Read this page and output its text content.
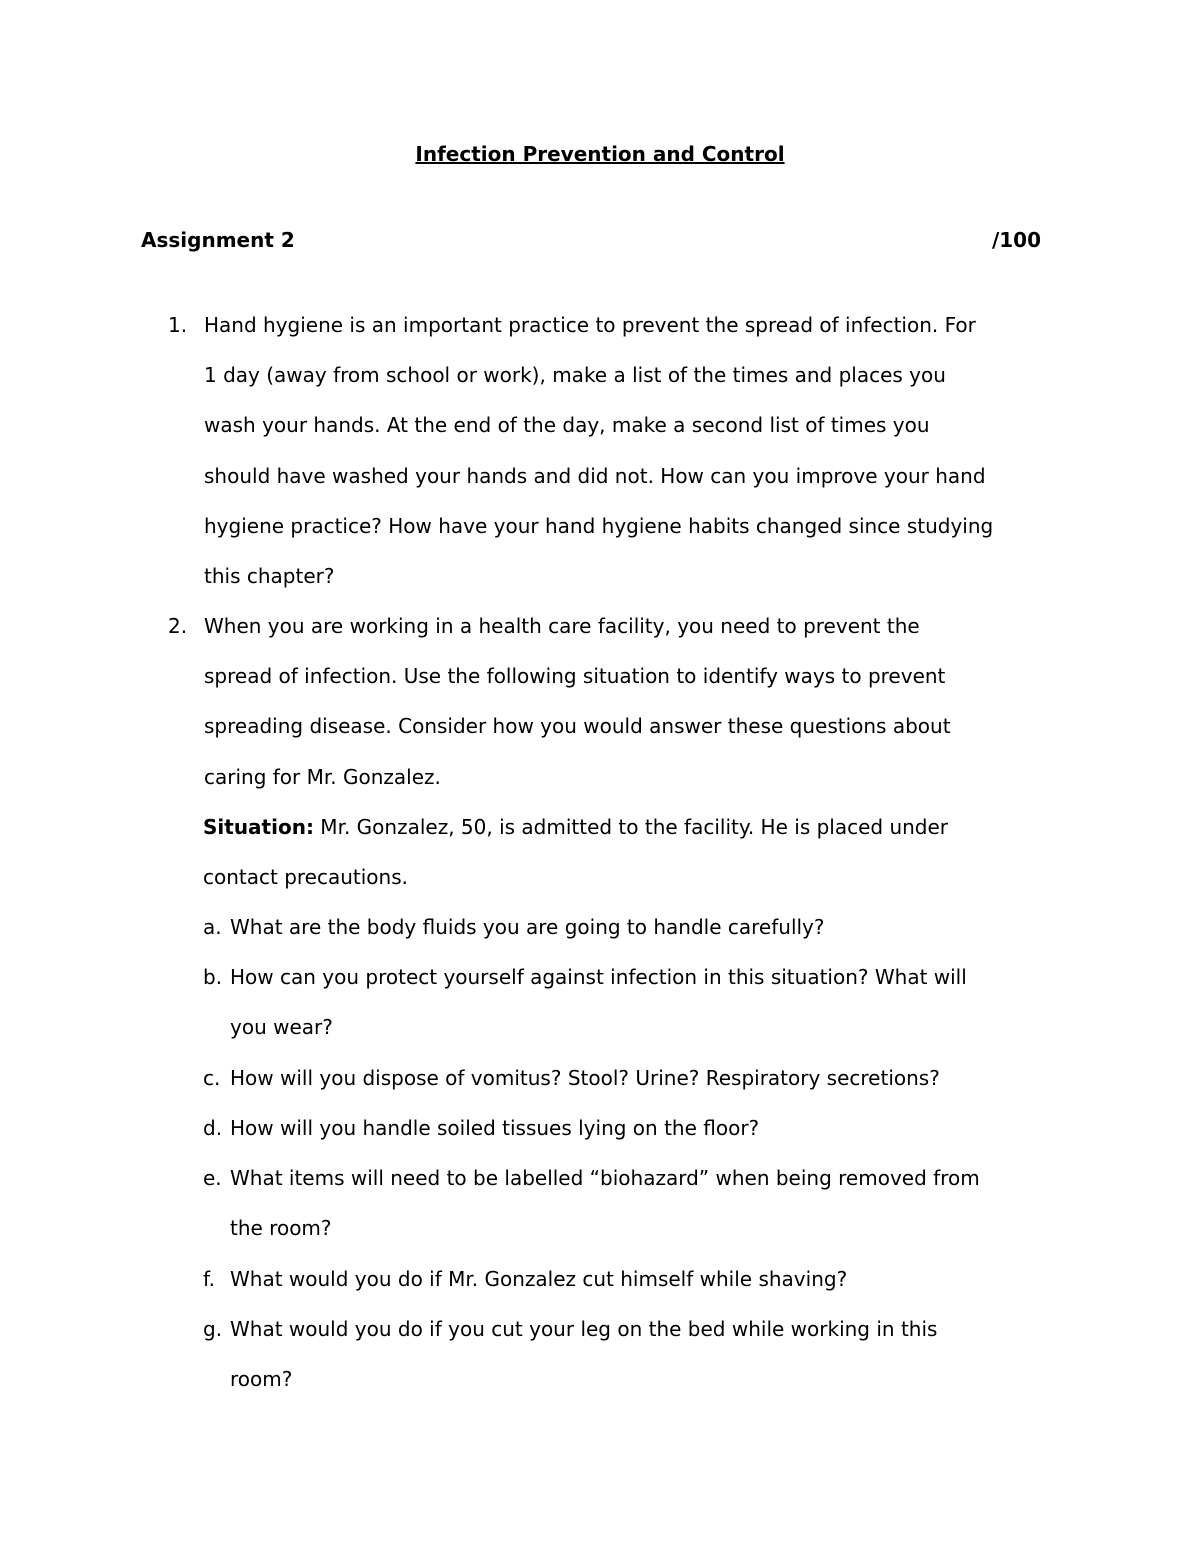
Infection Prevention and Control
Assignment 2	/100
1. Hand hygiene is an important practice to prevent the spread of infection. For
1 day (away from school or work), make a list of the times and places you
wash your hands. At the end of the day, make a second list of times you
should have washed your hands and did not. How can you improve your hand
hygiene practice? How have your hand hygiene habits changed since studying
this chapter?
2. When you are working in a health care facility, you need to prevent the
spread of infection. Use the following situation to identify ways to prevent
spreading disease. Consider how you would answer these questions about
caring for Mr. Gonzalez.
Situation: Mr. Gonzalez, 50, is admitted to the facility. He is placed under
contact precautions.
a. What are the body fluids you are going to handle carefully?
b. How can you protect yourself against infection in this situation? What will
you wear?
c. How will you dispose of vomitus? Stool? Urine? Respiratory secretions?
d. How will you handle soiled tissues lying on the floor?
e. What items will need to be labelled “biohazard” when being removed from
the room?
f. What would you do if Mr. Gonzalez cut himself while shaving?
g. What would you do if you cut your leg on the bed while working in this
room?
